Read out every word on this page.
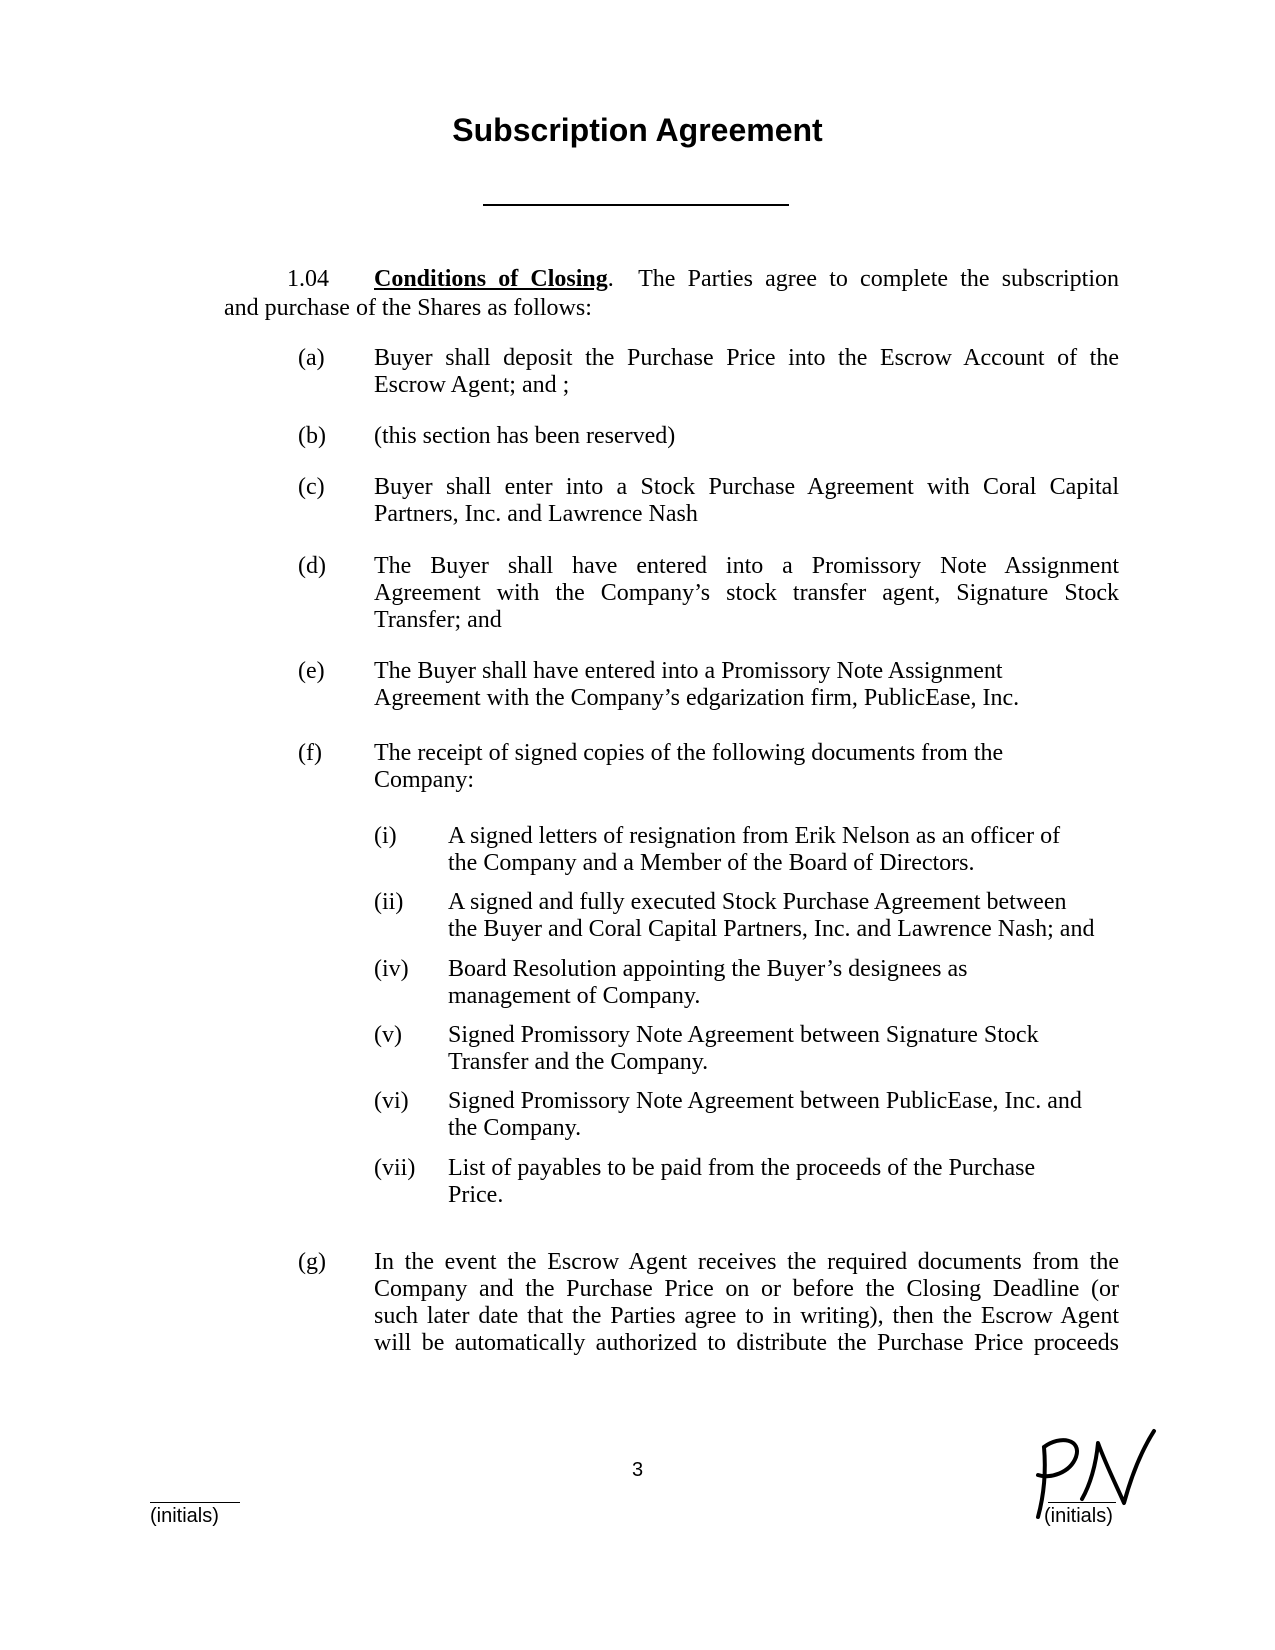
Subscription Agreement
1.04 Conditions of Closing.  The Parties agree to complete the subscription
and purchase of the Shares as follows:
(a) Buyer shall deposit the Purchase Price into the Escrow Account of the
Escrow Agent; and ;
(b) (this section has been reserved)
(c) Buyer shall enter into a Stock Purchase Agreement with Coral Capital
Partners, Inc. and Lawrence Nash
(d) The Buyer shall have entered into a Promissory Note Assignment
Agreement with the Company’s stock transfer agent, Signature Stock
Transfer; and
(e) The Buyer shall have entered into a Promissory Note Assignment
Agreement with the Company’s edgarization firm, PublicEase, Inc.
(f) The receipt of signed copies of the following documents from the
Company:
(i) A signed letters of resignation from Erik Nelson as an officer of
the Company and a Member of the Board of Directors.
(ii) A signed and fully executed Stock Purchase Agreement between
the Buyer and Coral Capital Partners, Inc. and Lawrence Nash; and
(iv) Board Resolution appointing the Buyer’s designees as
management of Company.
(v) Signed Promissory Note Agreement between Signature Stock
Transfer and the Company.
(vi) Signed Promissory Note Agreement between PublicEase, Inc. and
the Company.
(vii) List of payables to be paid from the proceeds of the Purchase
Price.
(g) In the event the Escrow Agent receives the required documents from the
Company and the Purchase Price on or before the Closing Deadline (or
such later date that the Parties agree to in writing), then the Escrow Agent
will be automatically authorized to distribute the Purchase Price proceeds
3
(initials)	(initials)
